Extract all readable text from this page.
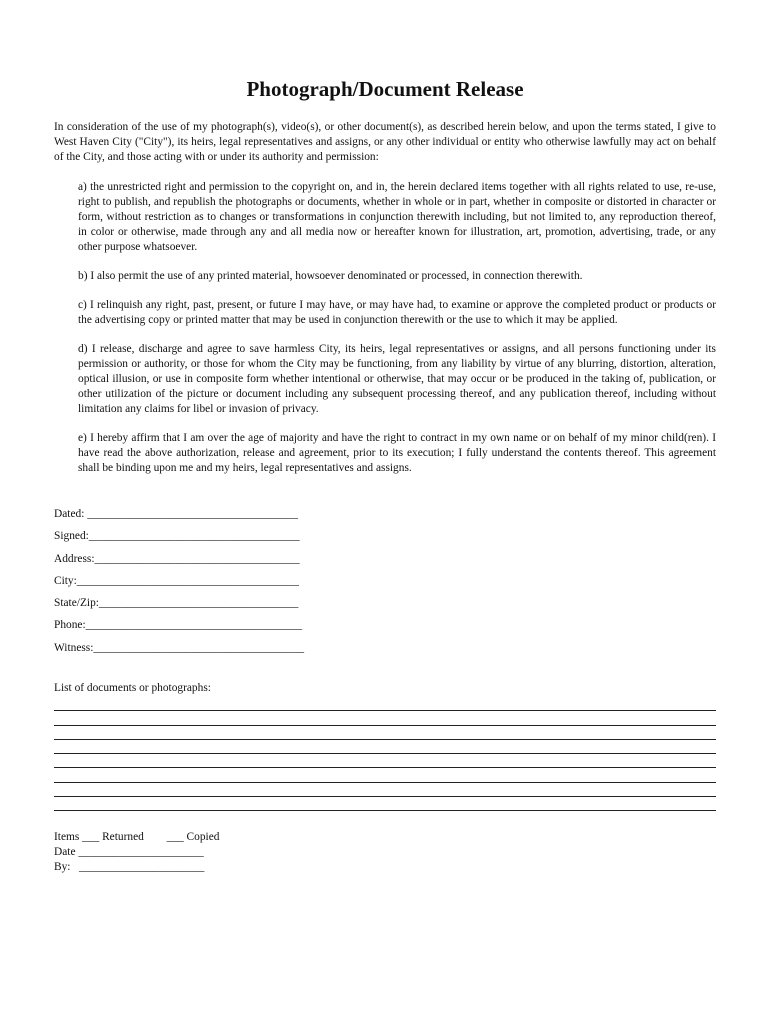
Photograph/Document Release
In consideration of the use of my photograph(s), video(s), or other document(s), as described herein below, and upon the terms stated, I give to West Haven City ("City"), its heirs, legal representatives and assigns, or any other individual or entity who otherwise lawfully may act on behalf of the City, and those acting with or under its authority and permission:

a) the unrestricted right and permission to the copyright on, and in, the herein declared items together with all rights related to use, re-use, right to publish, and republish the photographs or documents, whether in whole or in part, whether in composite or distorted in character or form, without restriction as to changes or transformations in conjunction therewith including, but not limited to, any reproduction thereof, in color or otherwise, made through any and all media now or hereafter known for illustration, art, promotion, advertising, trade, or any other purpose whatsoever.

b) I also permit the use of any printed material, howsoever denominated or processed, in connection therewith.

c) I relinquish any right, past, present, or future I may have, or may have had, to examine or approve the completed product or products or the advertising copy or printed matter that may be used in conjunction therewith or the use to which it may be applied.

d) I release, discharge and agree to save harmless City, its heirs, legal representatives or assigns, and all persons functioning under its permission or authority, or those for whom the City may be functioning, from any liability by virtue of any blurring, distortion, alteration, optical illusion, or use in composite form whether intentional or otherwise, that may occur or be produced in the taking of, publication, or other utilization of the picture or document including any subsequent processing thereof, and any publication thereof, including without limitation any claims for libel or invasion of privacy.

e) I hereby affirm that I am over the age of majority and have the right to contract in my own name or on behalf of my minor child(ren). I have read the above authorization, release and agreement, prior to its execution; I fully understand the contents thereof. This agreement shall be binding upon me and my heirs, legal representatives and assigns.

Dated: _____________________________________
Signed:_____________________________________
Address:____________________________________
City:_______________________________________
State/Zip:___________________________________
Phone:______________________________________
Witness:_____________________________________
List of documents or photographs:
Items ___ Returned        ___ Copied
Date ______________________
By:   ______________________
